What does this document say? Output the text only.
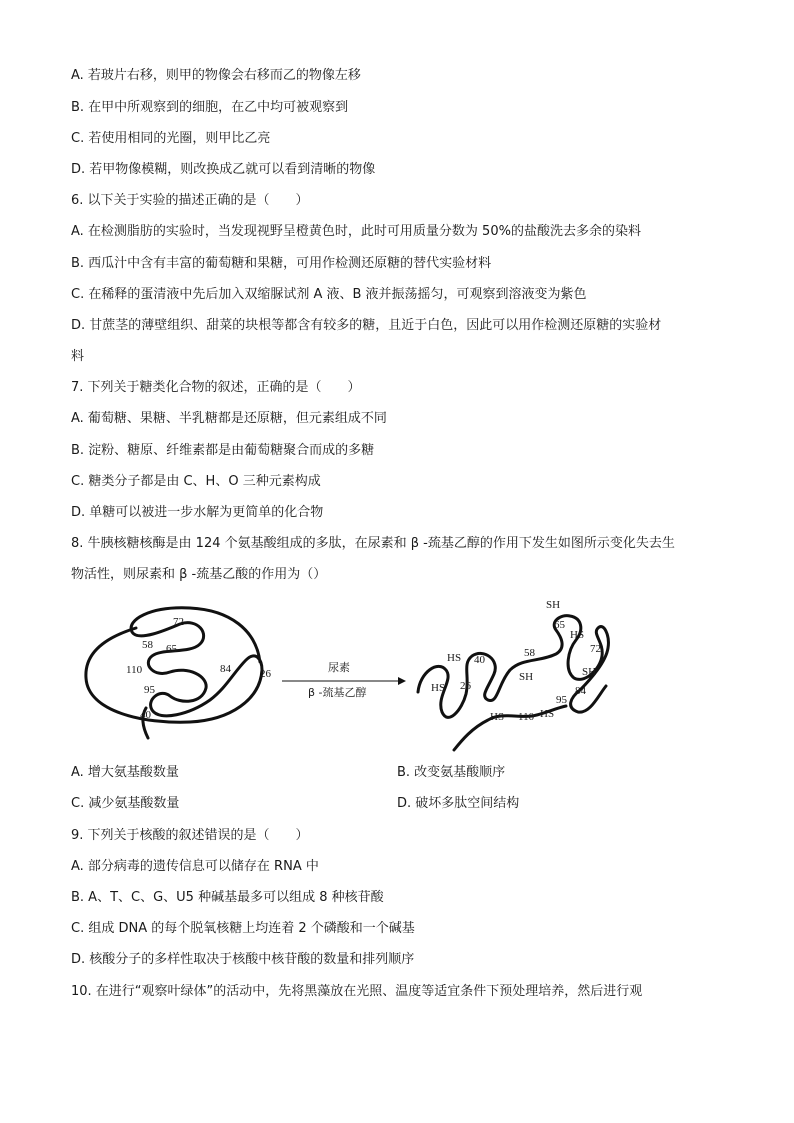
A. 若玻片右移，则甲的物像会右移而乙的物像左移
B. 在甲中所观察到的细胞，在乙中均可被观察到
C. 若使用相同的光圈，则甲比乙亮
D. 若甲物像模糊，则改换成乙就可以看到清晰的物像
6. 以下关于实验的描述正确的是（　　）
A. 在检测脂肪的实验时，当发现视野呈橙黄色时，此时可用质量分数为 50%的盐酸洗去多余的染料
B. 西瓜汁中含有丰富的葡萄糖和果糖，可用作检测还原糖的替代实验材料
C. 在稀释的蛋清液中先后加入双缩脲试剂 A 液、B 液并振荡摇匀，可观察到溶液变为紫色
D. 甘蔗茎的薄壁组织、甜菜的块根等都含有较多的糖，且近于白色，因此可以用作检测还原糖的实验材
料
7. 下列关于糖类化合物的叙述，正确的是（　　）
A. 葡萄糖、果糖、半乳糖都是还原糖，但元素组成不同
B. 淀粉、糖原、纤维素都是由葡萄糖聚合而成的多糖
C. 糖类分子都是由 C、H、O 三种元素构成
D. 单糖可以被进一步水解为更简单的化合物
8. 牛胰核糖核酶是由 124 个氨基酸组成的多肽，在尿素和 β -巯基乙醇的作用下发生如图所示变化失去生
物活性，则尿素和 β -巯基乙酸的作用为（）
72
58 65
110	84	26
95
40
尿素
β -巯基乙醇
SH
65
HS
72
58
HS 40
SH	SH
HS 26	84
95
HS
110
HS
A. 增大氨基酸数量	B. 改变氨基酸顺序
C. 减少氨基酸数量	D. 破坏多肽空间结构
9. 下列关于核酸的叙述错误的是（　　）
A. 部分病毒的遗传信息可以储存在 RNA 中
B. A、T、C、G、U5 种碱基最多可以组成 8 种核苷酸
C. 组成 DNA 的每个脱氧核糖上均连着 2 个磷酸和一个碱基
D. 核酸分子的多样性取决于核酸中核苷酸的数量和排列顺序
10. 在进行“观察叶绿体”的活动中，先将黑藻放在光照、温度等适宜条件下预处理培养，然后进行观
